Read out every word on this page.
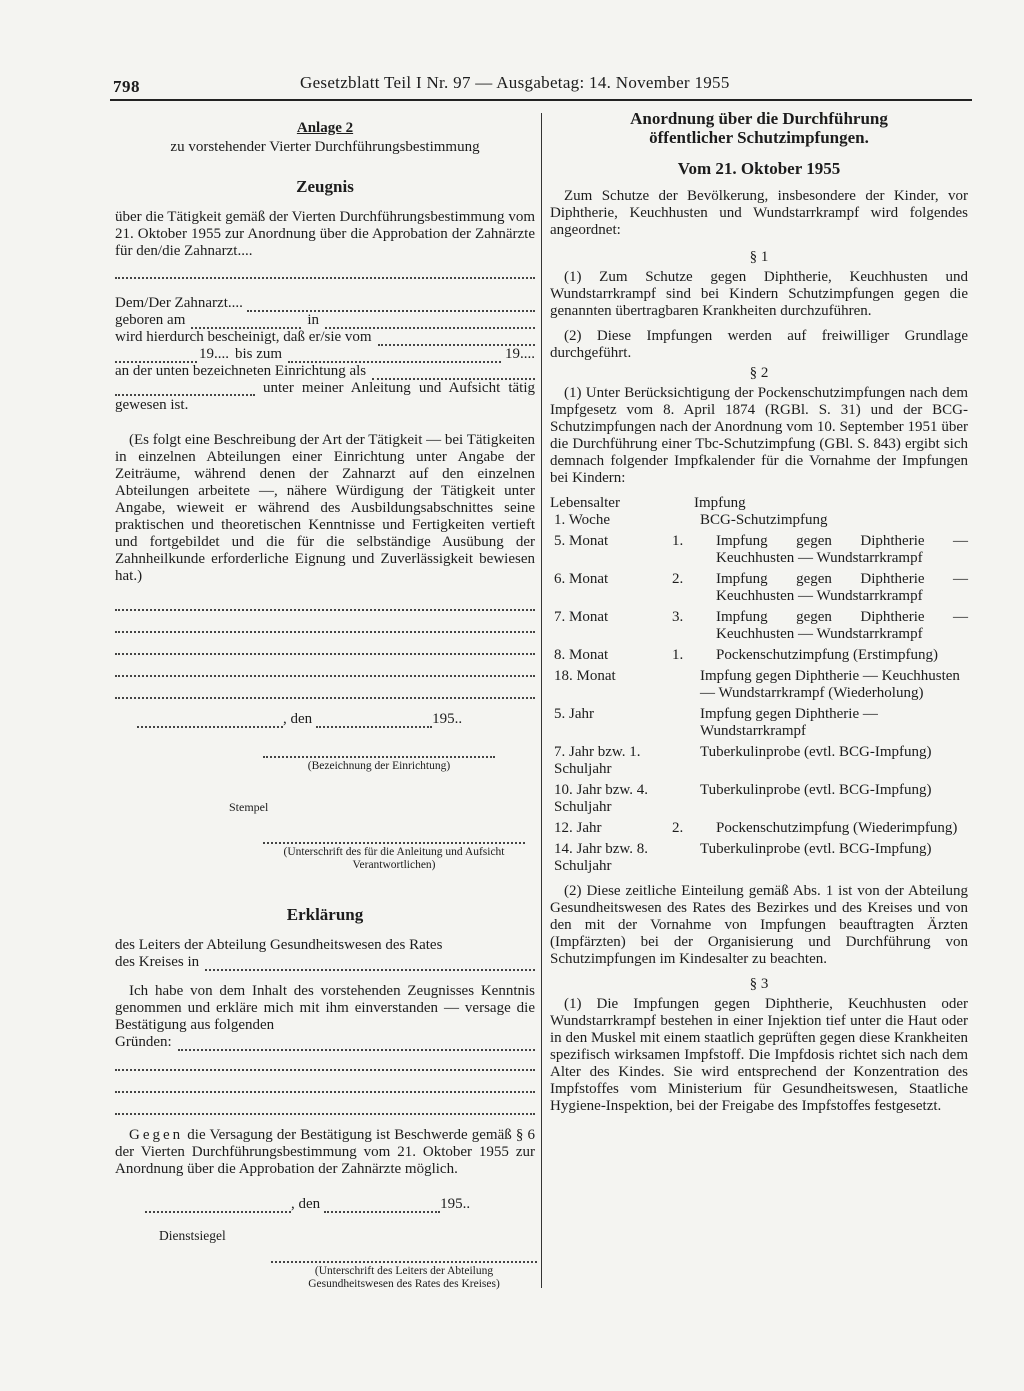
798	Gesetzblatt Teil I Nr. 97 — Ausgabetag: 14. November 1955
Anlage 2
zu vorstehender Vierter Durchführungsbestimmung
Zeugnis

über die Tätigkeit gemäß der Vierten Durchführungsbestimmung vom 21. Oktober 1955 zur Anordnung über die Approbation der Zahnärzte für den/die Zahnarzt....

Dem/Der Zahnarzt....
geboren am	in
wird hierdurch bescheinigt, daß er/sie vom
19.... bis zum	19....
an der unten bezeichneten Einrichtung als

unter meiner Anleitung und Aufsicht tätig gewesen ist.

(Es folgt eine Beschreibung der Art der Tätigkeit — bei Tätigkeiten in einzelnen Abteilungen einer Einrichtung unter Angabe der Zeiträume, während denen der Zahnarzt auf den einzelnen Abteilungen arbeitete —, nähere Würdigung der Tätigkeit unter Angabe, wieweit er während des Ausbildungsabschnittes seine praktischen und theoretischen Kenntnisse und Fertigkeiten vertieft und fortgebildet und die für die selbständige Ausübung der Zahnheilkunde erforderliche Eignung und Zuverlässigkeit bewiesen hat.)

, den	195..
(Bezeichnung der Einrichtung)
Stempel
(Unterschrift des für die Anleitung und Aufsicht Verantwortlichen)
Erklärung

des Leiters der Abteilung Gesundheitswesen des Rates

des Kreises in

Ich habe von dem Inhalt des vorstehenden Zeugnisses Kenntnis genommen und erkläre mich mit ihm einverstanden — versage die Bestätigung aus folgenden

Gründen:

Gegen die Versagung der Bestätigung ist Beschwerde gemäß § 6 der Vierten Durchführungsbestimmung vom 21. Oktober 1955 zur Anordnung über die Approbation der Zahnärzte möglich.

, den	195..
Dienstsiegel
(Unterschrift des Leiters der Abteilung Gesundheitswesen des Rates des Kreises)
Anordnung über die Durchführung öffentlicher Schutzimpfungen.
Vom 21. Oktober 1955

Zum Schutze der Bevölkerung, insbesondere der Kinder, vor Diphtherie, Keuchhusten und Wundstarrkrampf wird folgendes angeordnet:

§ 1

(1) Zum Schutze gegen Diphtherie, Keuchhusten und Wundstarrkrampf sind bei Kindern Schutzimpfungen gegen die genannten übertragbaren Krankheiten durchzuführen.

(2) Diese Impfungen werden auf freiwilliger Grundlage durchgeführt.

§ 2

(1) Unter Berücksichtigung der Pockenschutzimpfungen nach dem Impfgesetz vom 8. April 1874 (RGBl. S. 31) und der BCG-Schutzimpfungen nach der Anordnung vom 10. September 1951 über die Durchführung einer Tbc-Schutzimpfung (GBl. S. 843) ergibt sich demnach folgender Impfkalender für die Vornahme der Impfungen bei Kindern:

Lebensalter	Impfung
1. Woche	BCG-Schutzimpfung
5. Monat	1. Impfung gegen Diphtherie — Keuchhusten — Wundstarrkrampf
6. Monat	2. Impfung gegen Diphtherie — Keuchhusten — Wundstarrkrampf
7. Monat	3. Impfung gegen Diphtherie — Keuchhusten — Wundstarrkrampf
8. Monat	1. Pockenschutzimpfung (Erstimpfung)
18. Monat	Impfung gegen Diphtherie — Keuchhusten — Wundstarrkrampf (Wiederholung)
5. Jahr	Impfung gegen Diphtherie — Wundstarrkrampf
7. Jahr bzw. 1. Schuljahr	Tuberkulinprobe (evtl. BCG-Impfung)
10. Jahr bzw. 4. Schuljahr	Tuberkulinprobe (evtl. BCG-Impfung)
12. Jahr	2. Pockenschutzimpfung (Wiederimpfung)
14. Jahr bzw. 8. Schuljahr	Tuberkulinprobe (evtl. BCG-Impfung)

(2) Diese zeitliche Einteilung gemäß Abs. 1 ist von der Abteilung Gesundheitswesen des Rates des Bezirkes und des Kreises und von den mit der Vornahme von Impfungen beauftragten Ärzten (Impfärzten) bei der Organisierung und Durchführung von Schutzimpfungen im Kindesalter zu beachten.

§ 3

(1) Die Impfungen gegen Diphtherie, Keuchhusten oder Wundstarrkrampf bestehen in einer Injektion tief unter die Haut oder in den Muskel mit einem staatlich geprüften gegen diese Krankheiten spezifisch wirksamen Impfstoff. Die Impfdosis richtet sich nach dem Alter des Kindes. Sie wird entsprechend der Konzentration des Impfstoffes vom Ministerium für Gesundheitswesen, Staatliche Hygiene-Inspektion, bei der Freigabe des Impfstoffes festgesetzt.
